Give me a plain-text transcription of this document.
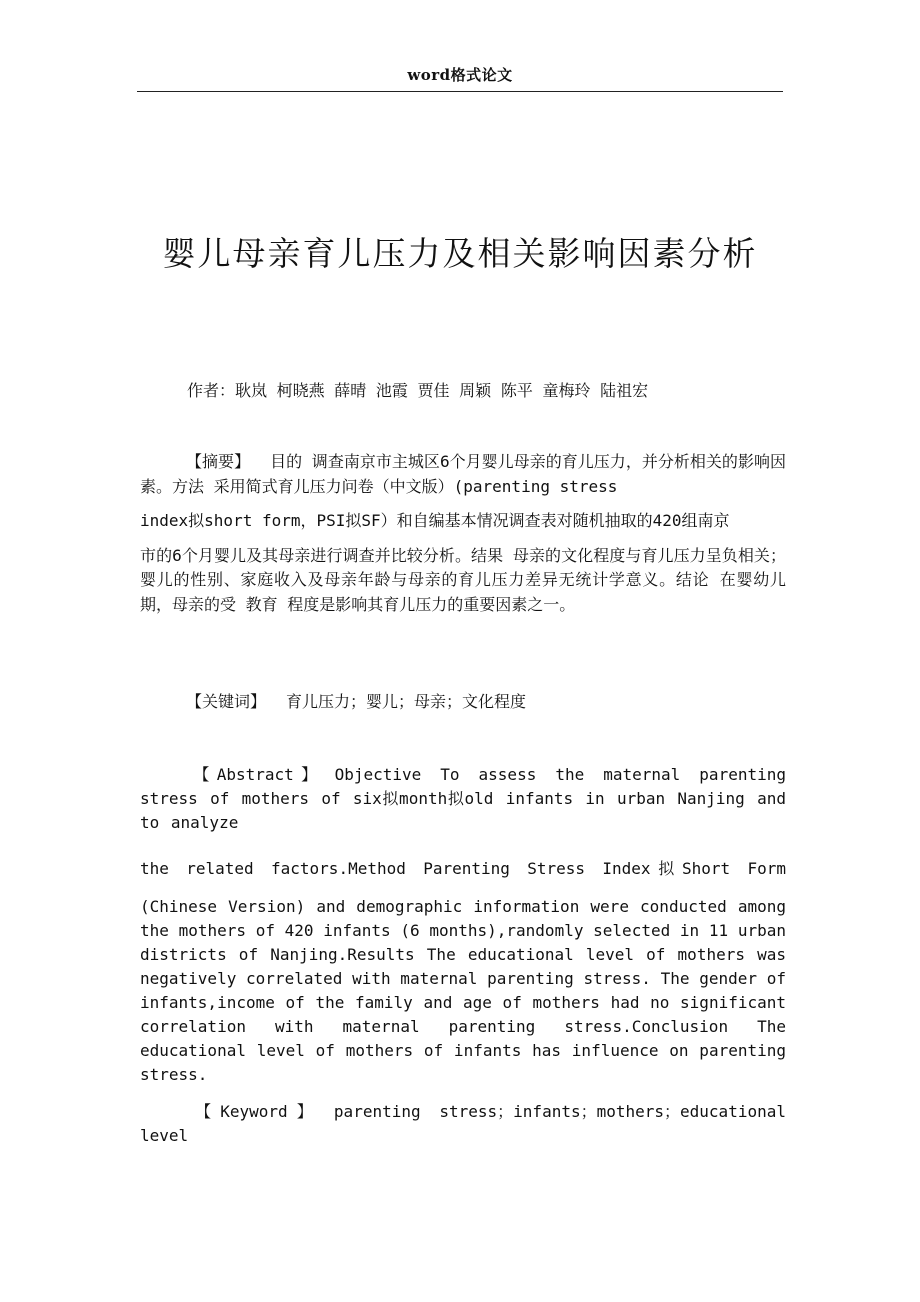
word格式论文
婴儿母亲育儿压力及相关影响因素分析
作者：耿岚 柯晓燕 薛晴 池霞 贾佳 周颖 陈平 童梅玲 陆祖宏

【摘要】 目的 调查南京市主城区6个月婴儿母亲的育儿压力，并分析相关的影响因素。方法 采用简式育儿压力问卷（中文版）(parenting stress
index拟short form，PSI拟SF）和自编基本情况调查表对随机抽取的420组南京
市的6个月婴儿及其母亲进行调查并比较分析。结果 母亲的文化程度与育儿压力呈负相关；婴儿的性别、家庭收入及母亲年龄与母亲的育儿压力差异无统计学意义。结论 在婴幼儿期，母亲的受 教育 程度是影响其育儿压力的重要因素之一。

【关键词】 育儿压力；婴儿；母亲；文化程度

【Abstract】 Objective To assess the maternal parenting stress of mothers of six拟month拟old infants in urban Nanjing and to analyze
the related factors.Method Parenting Stress Index拟Short Form
(Chinese Version) and demographic information were conducted among the mothers of 420 infants (6 months),randomly selected in 11 urban districts of Nanjing.Results The educational level of mothers was negatively correlated with maternal parenting stress. The gender of infants,income of the family and age of mothers had no significant correlation with maternal parenting stress.Conclusion The educational level of mothers of infants has influence on parenting stress.

【Keyword】 parenting stress；infants；mothers；educational level
